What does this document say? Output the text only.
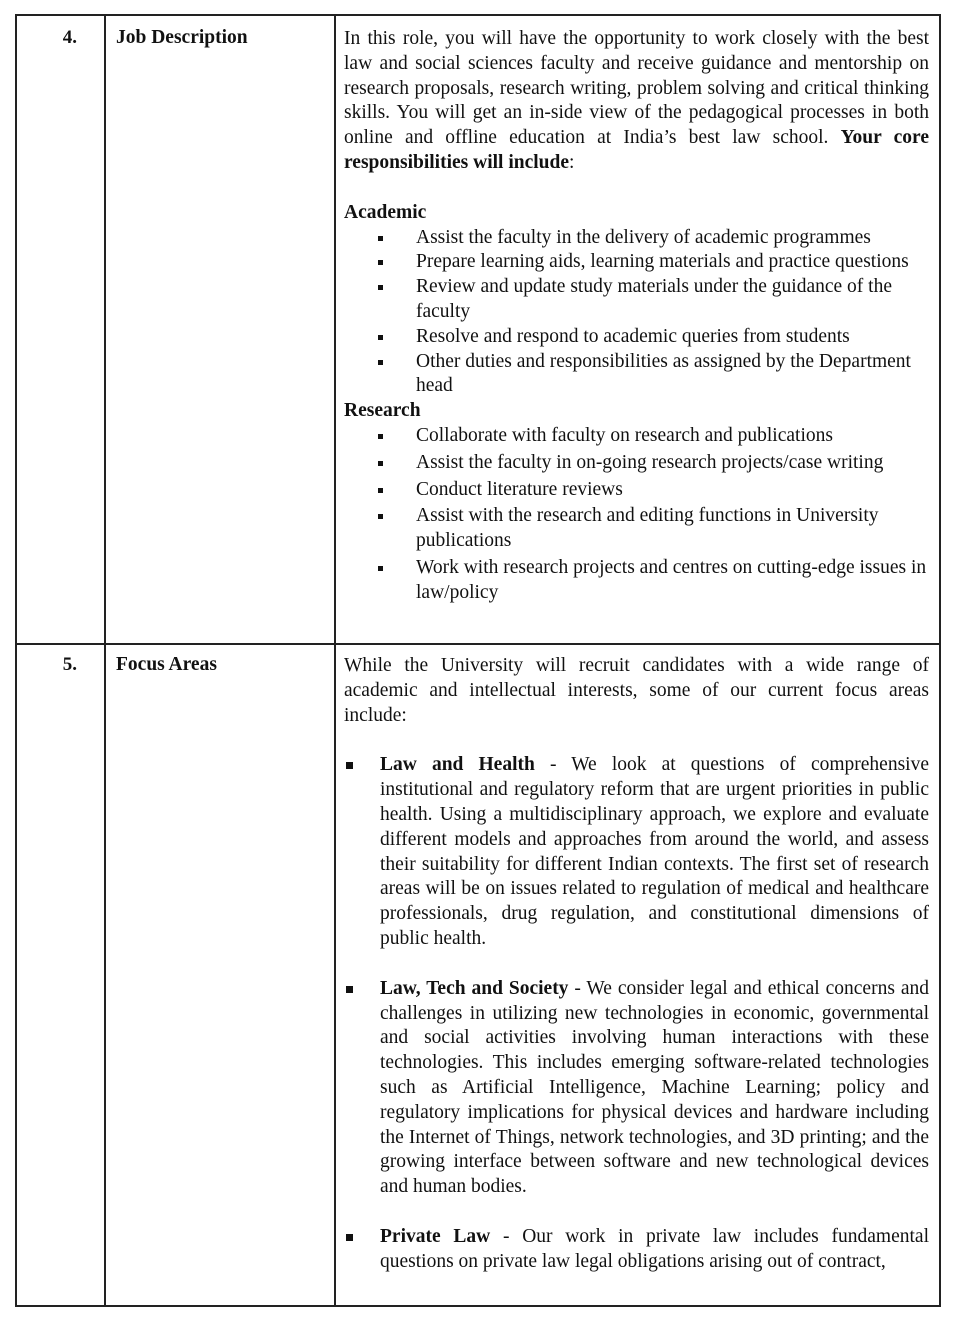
4.	Job Description	In this role, you will have the opportunity to work closely with the best law and social sciences faculty and receive guidance and mentorship on research proposals, research writing, problem solving and critical thinking skills. You will get an in-side view of the pedagogical processes in both online and offline education at India’s best law school. Your core responsibilities will include:

Academic

Assist the faculty in the delivery of academic programmes
Prepare learning aids, learning materials and practice questions
Review and update study materials under the guidance of the faculty
Resolve and respond to academic queries from students
Other duties and responsibilities as assigned by the Department head

Research

Collaborate with faculty on research and publications
Assist the faculty in on-going research projects/case writing
Conduct literature reviews
Assist with the research and editing functions in University publications
Work with research projects and centres on cutting-edge issues in law/policy
5.	Focus Areas	While the University will recruit candidates with a wide range of academic and intellectual interests, some of our current focus areas include:

Law and Health - We look at questions of comprehensive institutional and regulatory reform that are urgent priorities in public health. Using a multidisciplinary approach, we explore and evaluate different models and approaches from around the world, and assess their suitability for different Indian contexts. The first set of research areas will be on issues related to regulation of medical and healthcare professionals, drug regulation, and constitutional dimensions of public health.
Law, Tech and Society - We consider legal and ethical concerns and challenges in utilizing new technologies in economic, governmental and social activities involving human interactions with these technologies. This includes emerging software-related technologies such as Artificial Intelligence, Machine Learning; policy and regulatory implications for physical devices and hardware including the Internet of Things, network technologies, and 3D printing; and the growing interface between software and new technological devices and human bodies.
Private Law - Our work in private law includes fundamental questions on private law legal obligations arising out of contract,
